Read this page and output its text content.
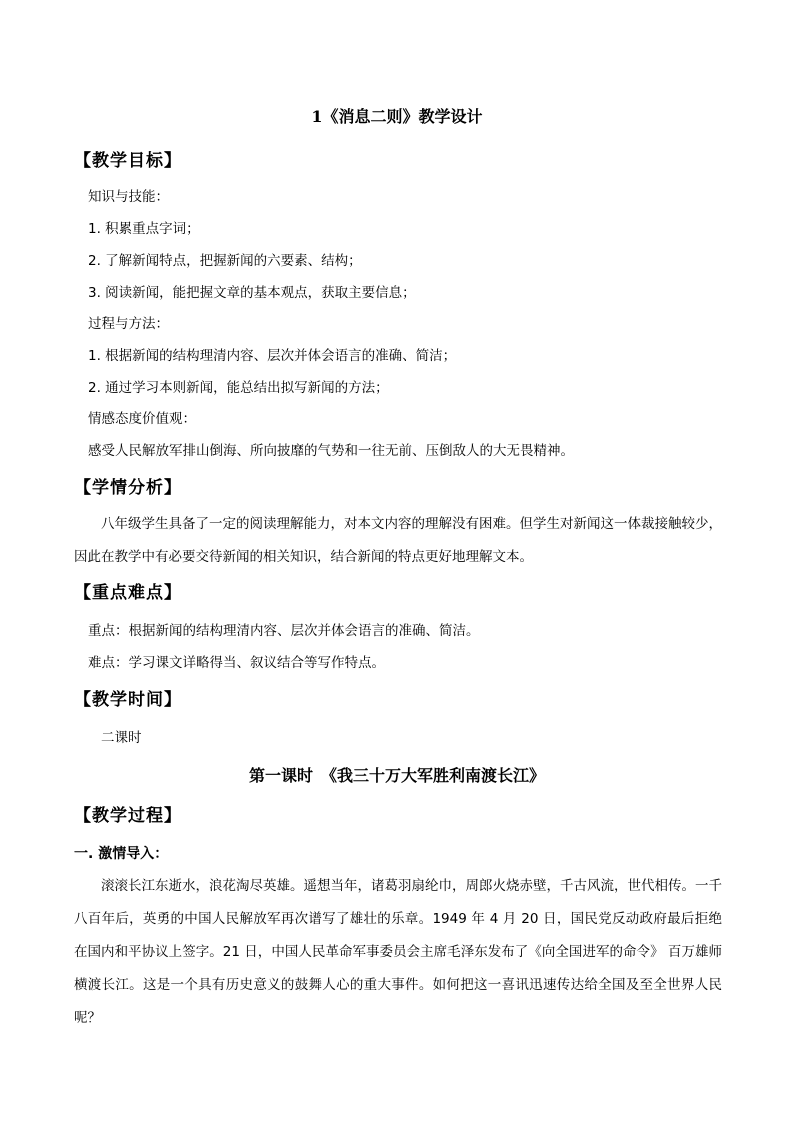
1《消息二则》教学设计
【教学目标】
知识与技能：
1. 积累重点字词；
2. 了解新闻特点，把握新闻的六要素、结构；
3. 阅读新闻，能把握文章的基本观点，获取主要信息；
过程与方法：
1. 根据新闻的结构理清内容、层次并体会语言的准确、简洁；
2. 通过学习本则新闻，能总结出拟写新闻的方法；
情感态度价值观：
感受人民解放军排山倒海、所向披靡的气势和一往无前、压倒敌人的大无畏精神。
【学情分析】
八年级学生具备了一定的阅读理解能力，对本文内容的理解没有困难。但学生对新闻这一体裁接触较少，因此在教学中有必要交待新闻的相关知识，结合新闻的特点更好地理解文本。
【重点难点】
重点：根据新闻的结构理清内容、层次并体会语言的准确、简洁。
难点：学习课文详略得当、叙议结合等写作特点。
【教学时间】
二课时
第一课时　《我三十万大军胜利南渡长江》
【教学过程】
一. 激情导入：
滚滚长江东逝水，浪花淘尽英雄。遥想当年，诸葛羽扇纶巾，周郎火烧赤壁，千古风流，世代相传。一千八百年后，英勇的中国人民解放军再次谱写了雄壮的乐章。1949 年 4 月 20 日，国民党反动政府最后拒绝在国内和平协议上签字。21 日，中国人民革命军事委员会主席毛泽东发布了《向全国进军的命令》 百万雄师横渡长江。这是一个具有历史意义的鼓舞人心的重大事件。如何把这一喜讯迅速传达给全国及至全世界人民呢？
